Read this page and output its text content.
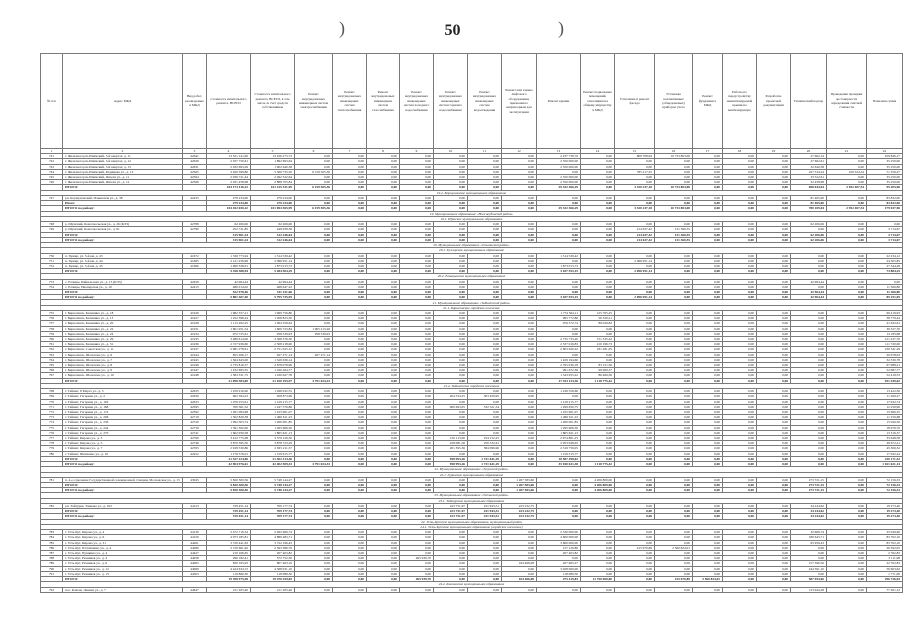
)	50	)
№ п/п	Адрес МКД	Вид работ, реализуемых в МКД	Стоимость капитального ремонта, ВСЕГО	Стоимость капитального ремонта, ВСЕГО, в том числе за счет средств собственников	Ремонт внутридомовых инженерных систем электроснабжения	Ремонт внутридомовых инженерных систем теплоснабжения	Ремонт внутридомовых инженерных систем газоснабжения	Ремонт внутридомовых инженерных систем холодного водоснабжения	Ремонт внутридомовых инженерных систем горячего водоснабжения	Ремонт внутридомовых инженерных систем водоотведения	Ремонт или замена лифтового оборудования, признанного непригодным для эксплуатации	Ремонт крыши	Ремонт подвальных помещений, относящихся к общему имуществу в МКД	Утепление и ремонт фасада	Установка коллективных (общедомовых) приборов учета	Ремонт фундамента МКД	Работы по переустройству невентилируемой крыши на вентилируемую	Разработка проектной документации	Технический надзор	Проведение проверки достоверности определения сметной стоимости	Плановая сумма
1	2	3	4	5	6	7	8	9	10	11	12	13	14	15	16	17	18	19	20	21	22
741	г. Железногорск-Илимский, 3-й квартал, д. 11	42641	13 521 141,00	13 226 275,73	0,00	0,00	0,00	0,00	0,00	0,00	0,00	2 237 739,79	0,00	809 708,94	10 733 803,00	0,00	0,00	0,00	27 662,14	0,00	259 846,17
742	г. Железногорск-Илимский, 3-й квартал, д. 12	42630	2 037 750,61	1 892 693,64	0,00	0,00	0,00	0,00	0,00	0,00	0,00	2 350 000,00	0,00	0,00	0,00	0,00	0,00	0,00	27 662,61	0,00	35 250,00
743	г. Железногорск-Илимский, 3-й квартал, д. 13	42631	2 032 693,09	1 902 640,38	0,00	0,00	0,00	0,00	0,00	0,00	0,00	2 350 000,00	0,00	0,00	0,00	0,00	0,00	0,00	32 640,38	0,00	35 250,00
744	г. Железногорск-Илимский, Радищева ул., д. 12	42565	3 020 399,80	5 566 735,50	6 159 505,36	0,00	0,00	0,00	0,00	0,00	0,00	0,00	0,00	785 217,25	0,00	0,00	0,00	0,00	247 534,24	109 324,34	71 356,27
745	г. Железногорск-Илимский, Янгеля ул., д. 11	42564	2 036 721,44	2 492 522,64	0,00	0,00	0,00	0,00	0,00	0,00	0,00	2 350 000,00	0,00	0,00	0,00	0,00	0,00	0,00	33 522,61	0,00	35 250,00
746	г. Железногорск-Илимский, Янгеля ул., д. 12	42566	2 031 458,98	2 888 705,84	0,00	0,00	0,00	0,00	0,00	0,00	0,00	2 350 000,00	0,00	0,00	0,00	0,00	0,00	0,00	32 458,98	0,00	35 250,00
	ИТОГО:		104 173 416,22	101 415 331,99	6 159 505,36	0,00	0,00	0,00	0,00	0,00	0,00	29 332 366,29	0,00	3 320 237,18	10 733 803,00	0,00	0,00	0,00	698 644,04	2 952 407,54	95 205,96
19.2. Коршуновское муниципальное образование																					
747	рп. Коршуновский, Ильинская ул., д. 38	42435	279 234,00	279 234,00	0,00	0,00	0,00	0,00	0,00	0,00	0,00	0,00	0,00	0,00	0,00	0,00	0,00	0,00	81 465,00	0,00	83 832,00
	Итого:		279 234,00	279 234,00	0,00	0,00	0,00	0,00	0,00	0,00	0,00	0,00	0,00	0,00	0,00	0,00	0,00	0,00	81 465,00	0,00	83 832,00
	ИТОГО по району:		104 452 650,22	101 694 565,99	6 159 505,36	0,00	0,00	0,00	0,00	0,00	0,00	29 332 366,29	0,00	3 320 237,18	10 733 803,00	0,00	0,00	0,00	780 109,04	2 952 407,54	179 037,96
19. Муниципальное образование «Нижнеудинский район»																					
19.1. Шумское муниципальное образование																					
748	р. Шумский, Комсомольская ул., д. 26 (КЭЗ)	42789	62 206,06	62 206,06	0,00	0,00	0,00	0,00	0,00	0,00	0,00	0,00	0,00	0,00	0,00	0,00	0,00	0,00	62 206,06	0,00	0,00
749	р. Шумский, Комсомольская ул., д. 61	42790	252 741,85	249 039,58	0,00	0,00	0,00	0,00	0,00	0,00	0,00	0,00	0,00	214 637,42	131 360,55	0,00	0,00	0,00	0,00	0,00	3 714,67
	ИТОГО:		315 961,24	312 246,64	0,00	0,00	0,00	0,00	0,00	0,00	0,00	0,00	0,00	214 637,42	131 360,55	0,00	0,00	0,00	62 206,06	0,00	3 714,67
	ИТОГО по району:		315 961,24	312 246,64	0,00	0,00	0,00	0,00	0,00	0,00	0,00	0,00	0,00	214 637,42	131 360,55	0,00	0,00	0,00	62 206,06	0,00	3 714,67
20. Муниципальное образование «Ольхонский район»																					
20.1. Хужирское муниципальное образование																					
750	п. Хужир, ул. 5-й км, д. 43	41672	1 336 773,94	1 314 539,42	0,00	0,00	0,00	0,00	0,00	0,00	0,00	1 314 539,42	0,00	0,00	0,00	0,00	0,00	0,00	0,00	0,00	22 234,12
751	п. Хужир, ул. 5-й км, д. 44	41665	2 121 256,99	2 096 951,14	0,00	0,00	0,00	0,00	0,00	0,00	0,00	0,00	0,00	2 096 951,14	0,00	0,00	0,00	0,00	0,00	0,00	24 305,85
752	п. Хужир, ул. 5-й км, д. 45	41666	1 900 358,01	1 873 013,73	0,00	0,00	0,00	0,00	0,00	0,00	0,00	1 873 013,73	0,00	0,00	0,00	0,00	0,00	0,00	0,00	0,00	27 344,28
	ИТОГО:		5 358 388,94	5 284 504,29	0,00	0,00	0,00	0,00	0,00	0,00	0,00	3 187 553,15	0,00	2 096 951,14	0,00	0,00	0,00	0,00	0,00	0,00	73 884,25
20.2. Еланцынское муниципальное образование																					
753	с. Еланцы, Байкальская ул., д. 13 (КЭЗ)	42459	42 964,44	42 964,44	0,00	0,00	0,00	0,00	0,00	0,00	0,00	0,00	0,00	0,00	0,00	0,00	0,00	0,00	42 964,44	0,00	0,00
754	с. Еланцы, Пионерская ул., д. 10	42415	480 014,02	468 647,22	0,00	0,00	0,00	0,00	0,00	0,00	0,00	0,00	0,00	0,00	0,00	0,00	0,00	0,00	0,00	0,00	11 366,80
	ИТОГО:		522 978,46	511 231,66	0,00	0,00	0,00	0,00	0,00	0,00	0,00	0,00	0,00	0,00	0,00	0,00	0,00	0,00	42 964,44	0,00	11 366,80
	ИТОГО по району:		5 881 367,40	5 795 735,95	0,00	0,00	0,00	0,00	0,00	0,00	0,00	3 187 553,15	0,00	2 096 951,14	0,00	0,00	0,00	0,00	42 964,44	0,00	85 251,05
21. Муниципальное образование «Тайшетский район»																					
21.1. Бирюсинское городское поселение																					
755	г. Бирюсинск, Калинина ул., д. 18	41926	1 982 357,21	1 969 756,80	0,00	0,00	0,00	0,00	0,00	0,00	0,00	1 774 564,11	125 765,25	0,00	0,00	0,00	0,00	0,00	0,00	0,00	69 419,93
756	г. Бирюсинск, Калинина ул., д. 13	41927	1 252 396,24	1 208 823,30	0,00	0,00	0,00	0,00	0,00	0,00	0,00	995 772,86	56 320,21	0,00	0,00	0,00	0,00	0,00	0,00	0,00	38 779,44
757	г. Бирюсинск, Калинина ул., д. 20	41928	1 115 262,25	1 064 559,64	0,00	0,00	0,00	0,00	0,00	0,00	0,00	976 572,74	89 026,82	0,00	0,00	0,00	0,00	0,00	0,00	0,00	41 632,61
758	г. Бирюсинск, Калинина ул., д. 22	41931	1 601 051,54	1 600 723,84	1 905 213,26	0,00	0,00	0,00	0,00	0,00	0,00	0,00	0,00	0,00	0,00	0,00	0,00	0,00	0,00	0,00	39 327,70
759	г. Бирюсинск, Калинина ул., д. 24	41934	972 725,61	958 539,93	958 539,93	0,00	0,00	0,00	0,00	0,00	0,00	0,00	0,00	0,00	0,00	0,00	0,00	0,00	0,00	0,00	14 185,68
760	г. Бирюсинск, Калинина ул., д. 29	41935	3 489 614,00	3 368 376,30	0,00	0,00	0,00	0,00	0,00	0,00	0,00	2 735 733,20	151 335,42	0,00	0,00	0,00	0,00	0,00	0,00	0,00	121 237,70
761	г. Бирюсинск, Калинина ул., д. 31	41936	2 727 936,60	2 508 218,00	0,00	0,00	0,00	0,00	0,00	0,00	0,00	2 337 016,83	210 196,73	0,00	0,00	0,00	0,00	0,00	0,00	0,00	111 720,00
762	г. Бирюсинск, Советская ул., д. 11	41937	2 981 278,61	2 751 025,12	0,00	0,00	0,00	0,00	0,00	0,00	0,00	2 603 620,22	181 281,05	0,00	0,00	0,00	0,00	0,00	0,00	0,00	230 341,29
763	г. Бирюсинск, Шолохова ул., д. 6	41944	855 266,17	927 271,14	927 271,14	0,00	0,00	0,00	0,00	0,00	0,00	0,00	0,00	0,00	0,00	0,00	0,00	0,00	0,00	0,00	20 978,03
764	г. Бирюсинск, Шолохова ул., д. 7	41945	1 364 643,00	1 329 636,14	0,00	0,00	0,00	0,00	0,00	0,00	0,00	1 229 194,60	0,00	0,00	0,00	0,00	0,00	0,00	0,00	0,00	32 330,78
765	г. Бирюсинск, Шолохова ул., д. 8	41946	2 735 816,57	2 678 078,96	0,00	0,00	0,00	0,00	0,00	0,00	0,00	2 765 036,18	83 151,56	0,00	0,00	0,00	0,00	0,00	0,00	0,00	67 988,21
766	г. Бирюсинск, Шолохова ул., д. 9	41947	1 232 693,35	1 160 264,77	0,00	0,00	0,00	0,00	0,00	0,00	0,00	991 672,36	99 060,37	0,00	0,00	0,00	0,00	0,00	0,00	0,00	52 087,77
767	г. Бирюсинск, Шолохова ул., д. 10	41948	1 583 331,75	1 430 627,78	0,00	0,00	0,00	0,00	0,00	0,00	0,00	1 343 955,22	86 466,56	0,00	0,00	0,00	0,00	0,00	0,00	0,00	52 419,53
	ИТОГО:		21 098 383,00	21 100 195,97	3 791 024,33	0,00	0,00	0,00	0,00	0,00	0,00	17 353 133,36	1 118 775,42	0,00	0,00	0,00	0,00	0,00	0,00	0,00	931 449,62
21.2. Тайшетское городское поселение																					
768	г. Тайшет, 8 Марта ул., д. 5	42635	1 250 910,00	1 298 932,55	0,00	0,00	0,00	0,00	0,00	0,00	0,00	1 236 556,60	0,00	0,00	0,00	0,00	0,00	0,00	0,00	0,00	13 422,56
769	г. Тайшет, Гагарина ул., д. 2	42630	962 394,23	208 873,96	0,00	0,00	0,00	0,00	204 534,25	303 459,95	0,00	0,00	0,00	0,00	0,00	0,00	0,00	0,00	0,00	0,00	11 269,27
770	г. Тайшет, Гагарина ул., д. 102	42633	1 076 253,61	1 129 215,77	0,00	0,00	0,00	0,00	0,00	0,00	0,00	1 129 215,77	0,00	0,00	0,00	0,00	0,00	0,00	0,00	0,00	17 042,74
771	г. Тайшет, Гагарина ул., д. 168	42595	700 561,52	1 247 576,86	0,00	0,00	0,00	0,00	900 693,05	532 521,54	0,00	1 299 650,75	0,00	0,00	0,00	0,00	0,00	0,00	0,00	0,00	12 256,90
772	г. Тайшет, Гагарина ул., д. 174	42592	1 281 084,68	1 225 961,07	0,00	0,00	0,00	0,00	0,00	0,00	0,00	1 225 961,07	0,00	0,00	0,00	0,00	0,00	0,00	0,00	0,00	15 666,35
773	г. Тайшет, Гагарина ул., д. 206	42719	1 502 829,38	1 466 611,23	0,00	0,00	0,00	0,00	0,00	0,00	0,00	1 466 611,23	0,00	0,00	0,00	0,00	0,00	0,00	0,00	0,00	11 256,68
774	г. Тайшет, Гагарина ул., д. 236	42720	1 992 503,74	1 260 001,85	0,00	0,00	0,00	0,00	0,00	0,00	0,00	1 260 001,85	0,00	0,00	0,00	0,00	0,00	0,00	0,00	0,00	15 026,56
775	г. Тайшет, Гагарина ул., д. 244	42739	1 391 392,00	1 265 606,30	0,00	0,00	0,00	0,00	0,00	0,00	0,00	1 295 606,30	0,00	0,00	0,00	0,00	0,00	0,00	0,00	0,00	18 976,70
776	г. Тайшет, Гагарина ул., д. 270	42741	1 602 959,58	1 865 621,13	0,00	0,00	0,00	0,00	0,00	0,00	0,00	1 865 621,13	0,00	0,00	0,00	0,00	0,00	0,00	0,00	0,00	13 316,37
777	г. Тайшет, Кирова ул., д. 3	42760	3 412 775,08	3 379 126,50	0,00	0,00	0,00	0,00	150 113,00	254 152,25	0,00	2 974 861,25	0,00	0,00	0,00	0,00	0,00	0,00	0,00	0,00	33 648,58
778	г. Тайшет, Кирова ул., д. 5	42746	3 870 395,50	3 878 723,29	0,00	0,00	0,00	0,00	228 081,56	256 532,61	0,00	2 953 948,65	0,00	0,00	0,00	0,00	0,00	0,00	0,00	0,00	49 672,21
779	г. Тайшет, Кирова ул., д. 7	42763	2 918 530,86	2 925 211,57	0,00	0,00	0,00	0,00	201 395,36	384 096,96	0,00	2 319 759,05	0,00	0,00	0,00	0,00	0,00	0,00	0,00	0,00	45 306,32
780	г. Тайшет, Шевченко ул., д. 10	42452	1 176 576,01	1 159 615,77	0,00	0,00	0,00	0,00	0,00	0,00	0,00	1 159 315,77	0,00	0,00	0,00	0,00	0,00	0,00	0,00	0,00	17 042,24
	ИТОГО:		21 327 224,00	21 302 313,36	0,00	0,00	0,00	0,00	958 993,26	1 731 641,29	0,00	18 587 498,02	0,00	0,00	0,00	0,00	0,00	0,00	0,00	0,00	230 171,52
	ИТОГО по району:		42 904 976,61	42 402 509,33	3 791 024,33	0,00	0,00	0,00	958 993,26	1 731 641,29	0,00	35 940 631,38	1 118 775,42	0,00	0,00	0,00	0,00	0,00	0,00	0,00	1 161 621,14
22. Муниципальное образование «Тулунский район»																					
22.1. Гуранское муниципальное образование																					
781	п. 4-е отделение Государственной селекционной станции, Московская ул., д. 15	43045	5 820 300,56	5 748 144,27	0,00	0,00	0,00	0,00	0,00	0,00	1 267 583,66	0,00	4 206 809,00	0,00	0,00	0,00	0,00	0,00	273 721,15	0,00	72 156,33
	ИТОГО:		5 820 300,56	5 748 144,27	0,00	0,00	0,00	0,00	0,00	0,00	1 267 583,66	0,00	4 206 809,00	0,00	0,00	0,00	0,00	0,00	273 721,15	0,00	72 156,33
	ИТОГО по району:		5 820 300,56	5 748 144,27	0,00	0,00	0,00	0,00	0,00	0,00	1 267 583,66	0,00	4 206 809,00	0,00	0,00	0,00	0,00	0,00	273 721,15	0,00	72 156,33
23. Муниципальное образование «Усольский район»																					
23.1. Тайтурское муниципальное образование																					
782	рп. Тайтурка, Танкова ул., д. 102	44123	729 451,14	709 177,74	0,00	0,00	0,00	0,00	223 751,97	231 943,51	223 232,75	0,00	0,00	0,00	0,00	0,00	0,00	0,00	34 244,62	0,00	19 273,40
	ИТОГО:		729 451,14	709 177,74	0,00	0,00	0,00	0,00	223 751,97	231 943,51	223 232,75	0,00	0,00	0,00	0,00	0,00	0,00	0,00	34 244,62	0,00	19 273,40
	ИТОГО по району:		729 451,14	709 177,74	0,00	0,00	0,00	0,00	223 751,97	231 943,51	223 232,75	0,00	0,00	0,00	0,00	0,00	0,00	0,00	34 244,62	0,00	19 273,40
24. Усть-Кутское муниципальное образование, муниципальный район																					
24.1. Усть-Кутское муниципальное образование (городское поселение)																					
783	г. Усть-Кут, Кирова ул., д. 4	44130	2 472 716,34	2 492 666,74	0,00	0,00	0,00	0,00	0,00	0,00	0,00	2 330 000,00	0,00	0,00	0,00	0,00	0,00	0,00	32 666,74	0,00	35 049,60
784	г. Усть-Кут, Кирова ул., д. 6	44150	4 973 185,81	4 889 483,71	0,00	0,00	0,00	0,00	0,00	0,00	0,00	4 600 000,00	0,00	0,00	0,00	0,00	0,00	0,00	180 643,71	0,00	83 702,10
785	г. Усть-Кут, Кирова ул., д. 31	44261	3 720 441,63	3 722 196,43	0,00	0,00	0,00	0,00	0,00	0,00	0,00	3 600 000,00	0,00	0,00	0,00	0,00	0,00	0,00	65 956,43	0,00	83 702,10
786	г. Усть-Кут, П.Осипенко ул., д. 4	44280	2 720 661,92	2 593 586,79	0,00	0,00	0,00	0,00	0,00	0,00	0,00	157 120,86	0,00	415 670,89	2 560 824,01	0,00	0,00	0,00	0,00	0,00	26 592,05
787	г. Усть-Кут, Пушкина ул., д. 4	44427	210 166,65	207 403,82	0,00	0,00	0,00	0,00	0,00	0,00	0,00	207 403,82	0,00	0,00	0,00	0,00	0,00	0,00	0,00	0,00	2 762,83
788	г. Усть-Кут, Речников ул., д. 4	44058	296 182,41	572 752,50	0,00	0,00	0,00	465 939,70	0,00	0,00	0,00	0,00	0,00	0,00	0,00	0,00	0,00	0,00	0,00	0,00	3 111,98
789	г. Усть-Кут, Речников ул., д. 6	44065	830 165,93	807 463,10	0,00	0,00	0,00	0,00	0,00	0,00	164 466,08	207 665,27	0,00	0,00	0,00	0,00	0,00	0,00	157 396,50	0,00	22 702,83
790	г. Усть-Кут, Речников ул., д. 12	44069	4 424 634,72	4 368 031,10	0,00	0,00	0,00	0,00	0,00	0,00	0,00	3 928 000,00	0,00	0,00	0,00	0,00	0,00	0,00	244 391,10	0,00	56 603,62
791	г. Усть-Кут, Речников ул., д. 15	44503	119 860,30	118 089,30	0,00	0,00	0,00	0,00	0,00	0,00	0,00	118 089,30	0,00	0,00	0,00	0,00	0,00	0,00	0,00	0,00	1 771,00
	ИТОГО:		19 768 975,58	19 470 259,65	0,00	0,00	0,00	465 939,70	0,00	0,00	164 466,08	475 419,83	11 750 000,00	0,00	415 670,89	2 560 824,01	0,00	0,00	587 954,06	0,00	296 726,03
24.2. Ключевское муниципальное образование																					
792	пос. Ключи, Ленина ул., д. 7	44647	211 205,40	211 205,40	0,00	0,00	0,00	0,00	0,00	0,00	0,00	0,00	0,00	0,00	0,00	0,00	0,00	0,00	133 944,28	0,00	77 261,12
